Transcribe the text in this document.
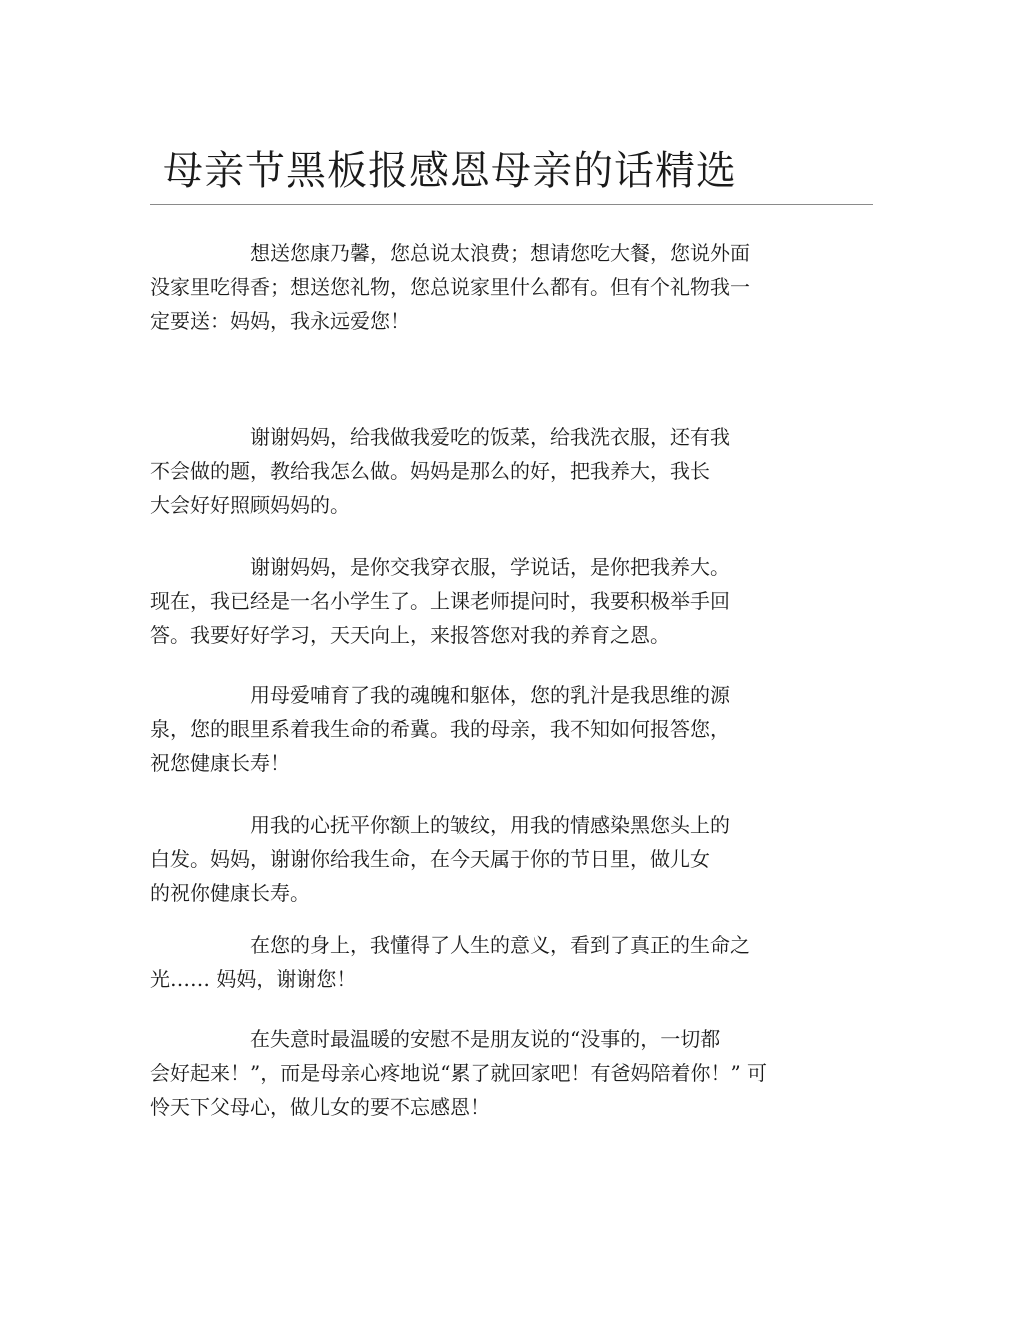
母亲节黑板报感恩母亲的话精选
想送您康乃馨，您总说太浪费；想请您吃大餐，您说外面
没家里吃得香；想送您礼物，您总说家里什么都有。但有个礼物我一
定要送：妈妈，我永远爱您！
谢谢妈妈，给我做我爱吃的饭菜，给我洗衣服，还有我
不会做的题，教给我怎么做。妈妈是那么的好，把我养大，我长
大会好好照顾妈妈的。
谢谢妈妈，是你交我穿衣服，学说话，是你把我养大。
现在，我已经是一名小学生了。上课老师提问时，我要积极举手回
答。我要好好学习，天天向上，来报答您对我的养育之恩。
用母爱哺育了我的魂魄和躯体，您的乳汁是我思维的源
泉，您的眼里系着我生命的希冀。我的母亲，我不知如何报答您，
祝您健康长寿！
用我的心抚平你额上的皱纹，用我的情感染黑您头上的
白发。妈妈，谢谢你给我生命，在今天属于你的节日里，做儿女
的祝你健康长寿。
在您的身上，我懂得了人生的意义，看到了真正的生命之
光…… 妈妈，谢谢您！
在失意时最温暖的安慰不是朋友说的“没事的，一切都
会好起来！”，而是母亲心疼地说“累了就回家吧！有爸妈陪着你！” 可
怜天下父母心，做儿女的要不忘感恩！
